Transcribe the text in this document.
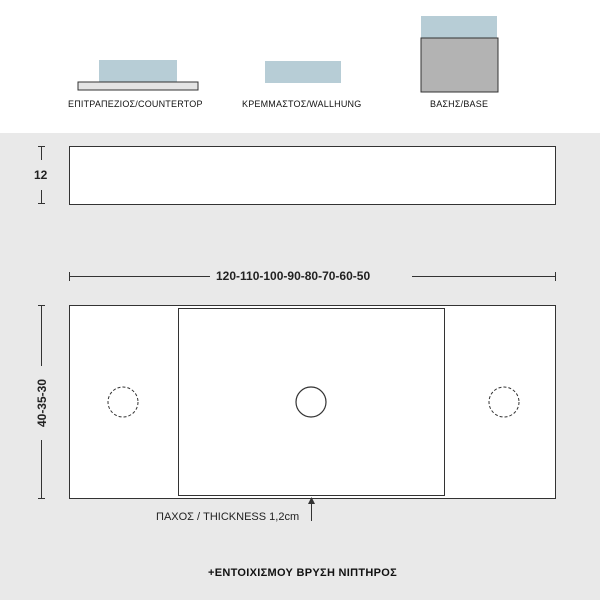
ΕΠΙΤΡΑΠΕΖΙΟΣ/COUNTERTOP	ΚΡΕΜΜΑΣΤΟΣ/WALLHUNG	ΒΑΣΗΣ/BASE
12
120-110-100-90-80-70-60-50
40-35-30
ΠΑΧΟΣ / THICKNESS 1,2cm
+ΕΝΤΟΙΧΙΣΜΟΥ ΒΡΥΣΗ ΝΙΠΤΗΡΟΣ
